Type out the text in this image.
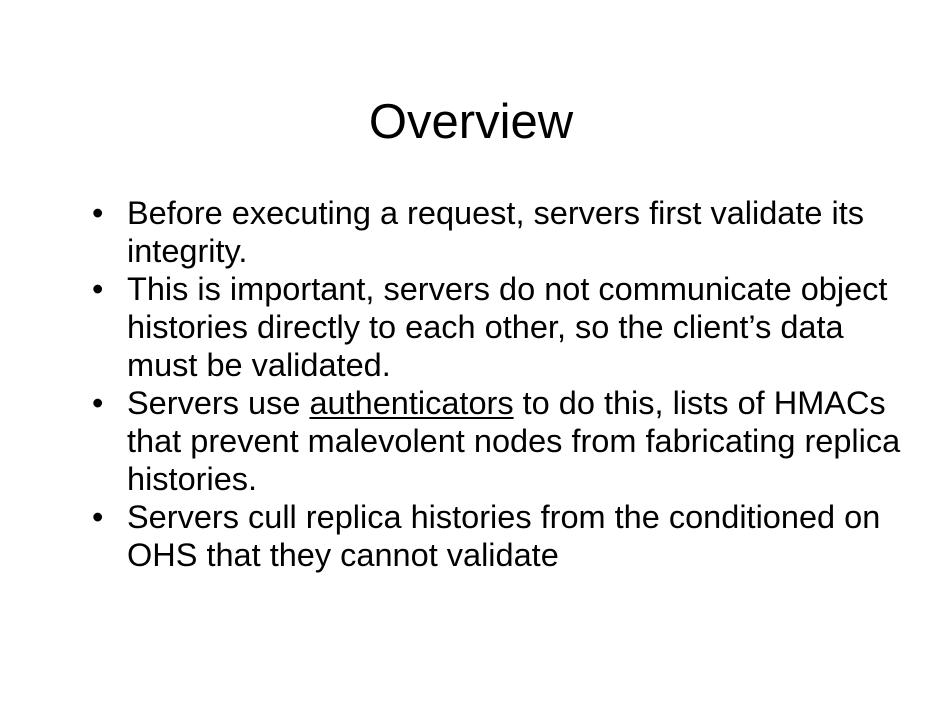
Overview
• Before executing a request, servers first validate its integrity.
• This is important, servers do not communicate object histories directly to each other, so the client’s data must be validated.
• Servers use authenticators to do this, lists of HMACs that prevent malevolent nodes from fabricating replica histories.
• Servers cull replica histories from the conditioned on OHS that they cannot validate
